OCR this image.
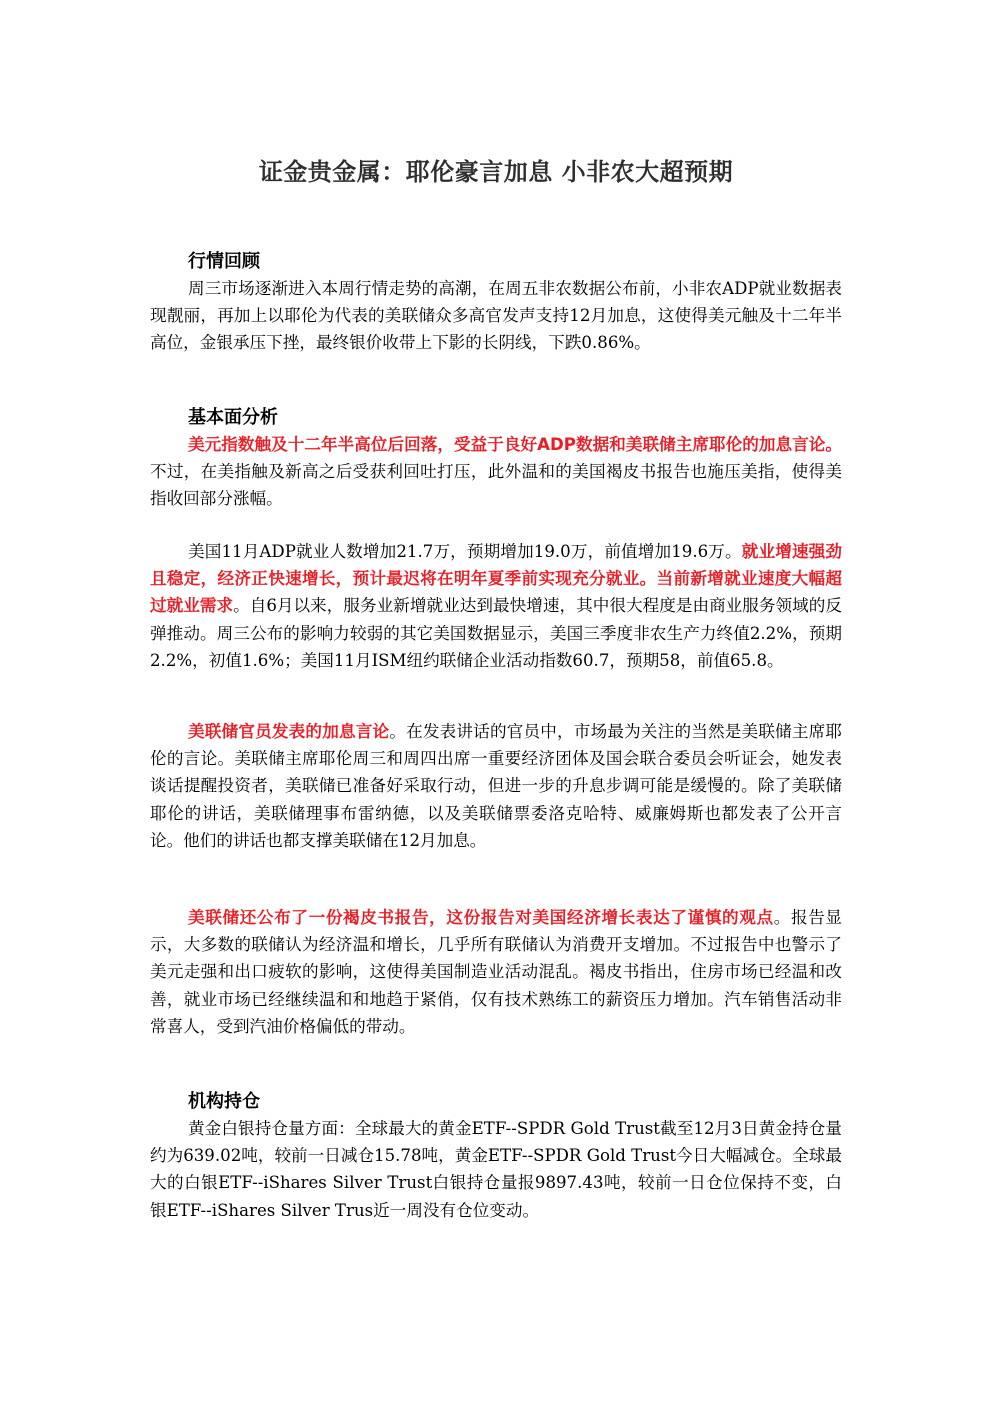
证金贵金属：耶伦豪言加息 小非农大超预期
行情回顾

周三市场逐渐进入本周行情走势的高潮，在周五非农数据公布前，小非农ADP就业数据表现靓丽，再加上以耶伦为代表的美联储众多高官发声支持12月加息，这使得美元触及十二年半高位，金银承压下挫，最终银价收带上下影的长阴线，下跌0.86%。

基本面分析

美元指数触及十二年半高位后回落，受益于良好ADP数据和美联储主席耶伦的加息言论。不过，在美指触及新高之后受获利回吐打压，此外温和的美国褐皮书报告也施压美指，使得美指收回部分涨幅。

美国11月ADP就业人数增加21.7万，预期增加19.0万，前值增加19.6万。就业增速强劲且稳定，经济正快速增长，预计最迟将在明年夏季前实现充分就业。当前新增就业速度大幅超过就业需求。自6月以来，服务业新增就业达到最快增速，其中很大程度是由商业服务领域的反弹推动。周三公布的影响力较弱的其它美国数据显示，美国三季度非农生产力终值2.2%，预期2.2%，初值1.6%；美国11月ISM纽约联储企业活动指数60.7，预期58，前值65.8。

美联储官员发表的加息言论。在发表讲话的官员中，市场最为关注的当然是美联储主席耶伦的言论。美联储主席耶伦周三和周四出席一重要经济团体及国会联合委员会听证会，她发表谈话提醒投资者，美联储已准备好采取行动，但进一步的升息步调可能是缓慢的。除了美联储耶伦的讲话，美联储理事布雷纳德，以及美联储票委洛克哈特、威廉姆斯也都发表了公开言论。他们的讲话也都支撑美联储在12月加息。

美联储还公布了一份褐皮书报告，这份报告对美国经济增长表达了谨慎的观点。报告显示，大多数的联储认为经济温和增长，几乎所有联储认为消费开支增加。不过报告中也警示了美元走强和出口疲软的影响，这使得美国制造业活动混乱。褐皮书指出，住房市场已经温和改善，就业市场已经继续温和和地趋于紧俏，仅有技术熟练工的薪资压力增加。汽车销售活动非常喜人，受到汽油价格偏低的带动。

机构持仓

黄金白银持仓量方面：全球最大的黄金ETF--SPDR Gold Trust截至12月3日黄金持仓量约为639.02吨，较前一日减仓15.78吨，黄金ETF--SPDR Gold Trust今日大幅减仓。全球最大的白银ETF--iShares Silver Trust白银持仓量报9897.43吨，较前一日仓位保持不变，白银ETF--iShares Silver Trus近一周没有仓位变动。
